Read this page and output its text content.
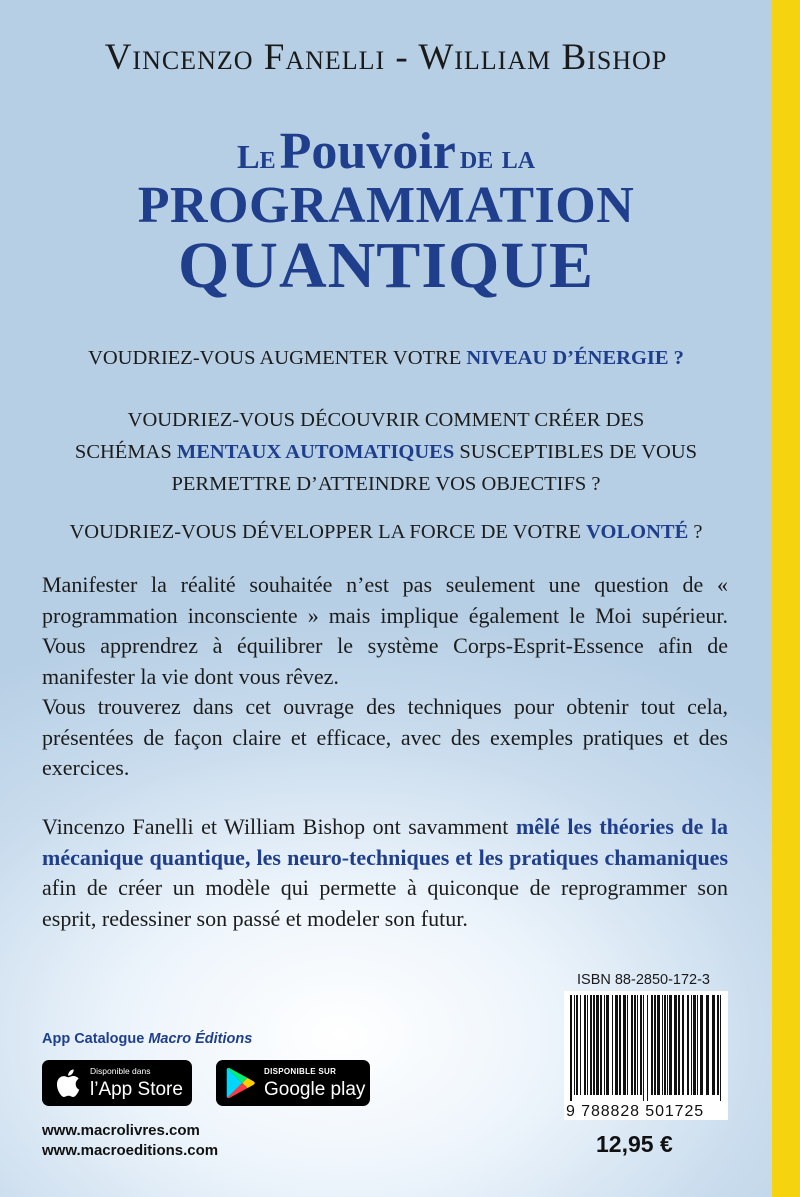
Vincenzo Fanelli - William Bishop
Le Pouvoir de la
PROGRAMMATION
QUANTIQUE
VOUDRIEZ-VOUS AUGMENTER VOTRE NIVEAU D’ÉNERGIE ?
VOUDRIEZ-VOUS DÉCOUVRIR COMMENT CRÉER DES
SCHÉMAS MENTAUX AUTOMATIQUES SUSCEPTIBLES DE VOUS
PERMETTRE D’ATTEINDRE VOS OBJECTIFS ?
VOUDRIEZ-VOUS DÉVELOPPER LA FORCE DE VOTRE VOLONTÉ ?
Manifester la réalité souhaitée n’est pas seulement une question de « programmation inconsciente » mais implique également le Moi supérieur. Vous apprendrez à équilibrer le système Corps-Esprit-Essence afin de manifester la vie dont vous rêvez.
Vous trouverez dans cet ouvrage des techniques pour obtenir tout cela, présentées de façon claire et efficace, avec des exemples pratiques et des exercices.
Vincenzo Fanelli et William Bishop ont savamment mêlé les théories de la mécanique quantique, les neuro-techniques et les pratiques chamaniques afin de créer un modèle qui permette à quiconque de reprogrammer son esprit, redessiner son passé et modeler son futur.
App Catalogue Macro Éditions
Disponible dans
l’App Store
DISPONIBLE SUR
Google play
www.macrolivres.com
www.macroeditions.com
ISBN 88-2850-172-3
9 788828 501725
12,95 €
